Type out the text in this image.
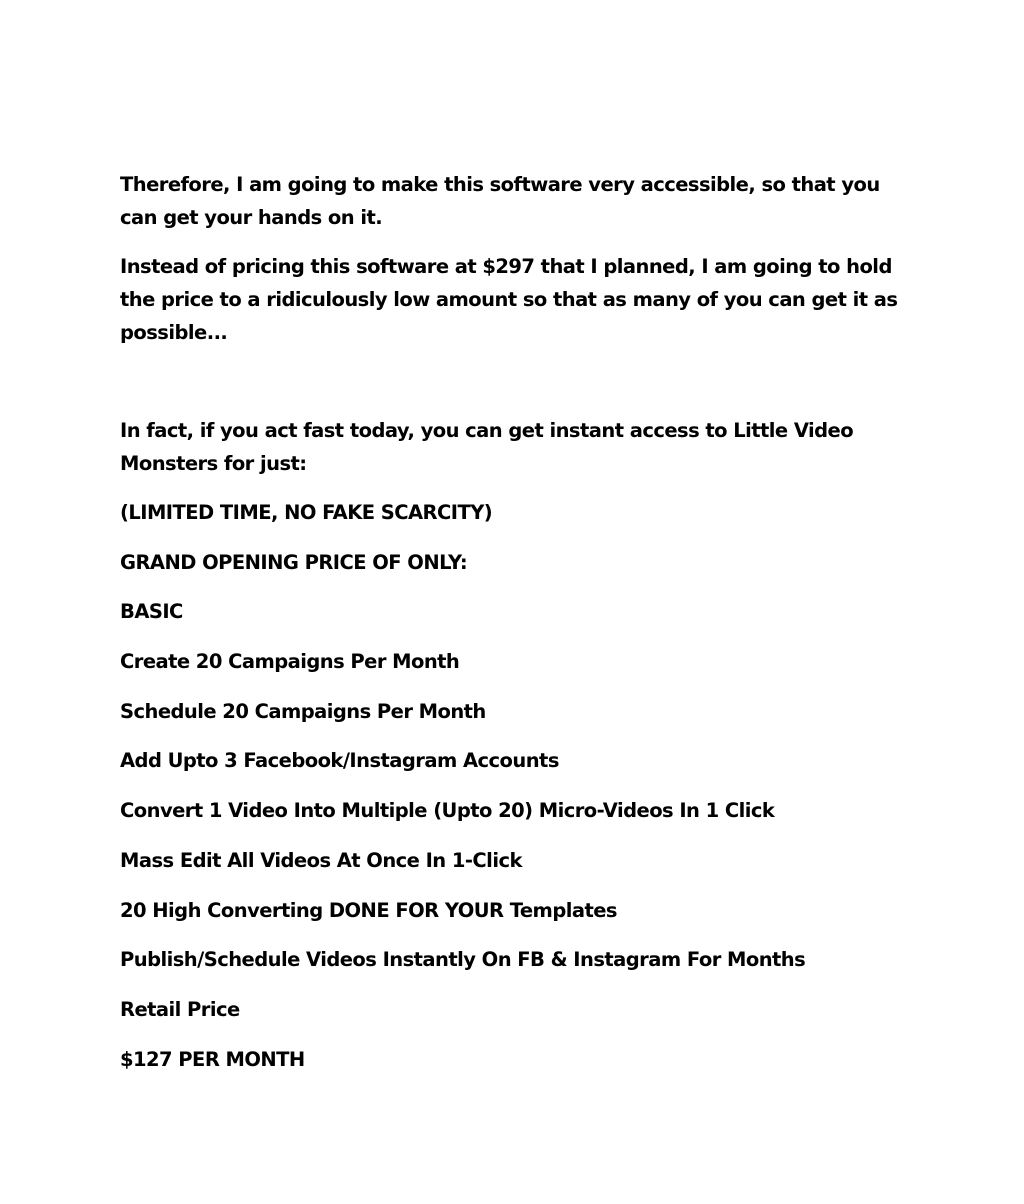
Therefore, I am going to make this software very accessible, so that you can get your hands on it.

Instead of pricing this software at $297 that I planned, I am going to hold the price to a ridiculously low amount so that as many of you can get it as possible...

In fact, if you act fast today, you can get instant access to Little Video Monsters for just:

(LIMITED TIME, NO FAKE SCARCITY)
GRAND OPENING PRICE OF ONLY:
BASIC
Create 20 Campaigns Per Month
Schedule 20 Campaigns Per Month
Add Upto 3 Facebook/Instagram Accounts
Convert 1 Video Into Multiple (Upto 20) Micro-Videos In 1 Click
Mass Edit All Videos At Once In 1-Click
20 High Converting DONE FOR YOUR Templates
Publish/Schedule Videos Instantly On FB & Instagram For Months
Retail Price
$127 PER MONTH
